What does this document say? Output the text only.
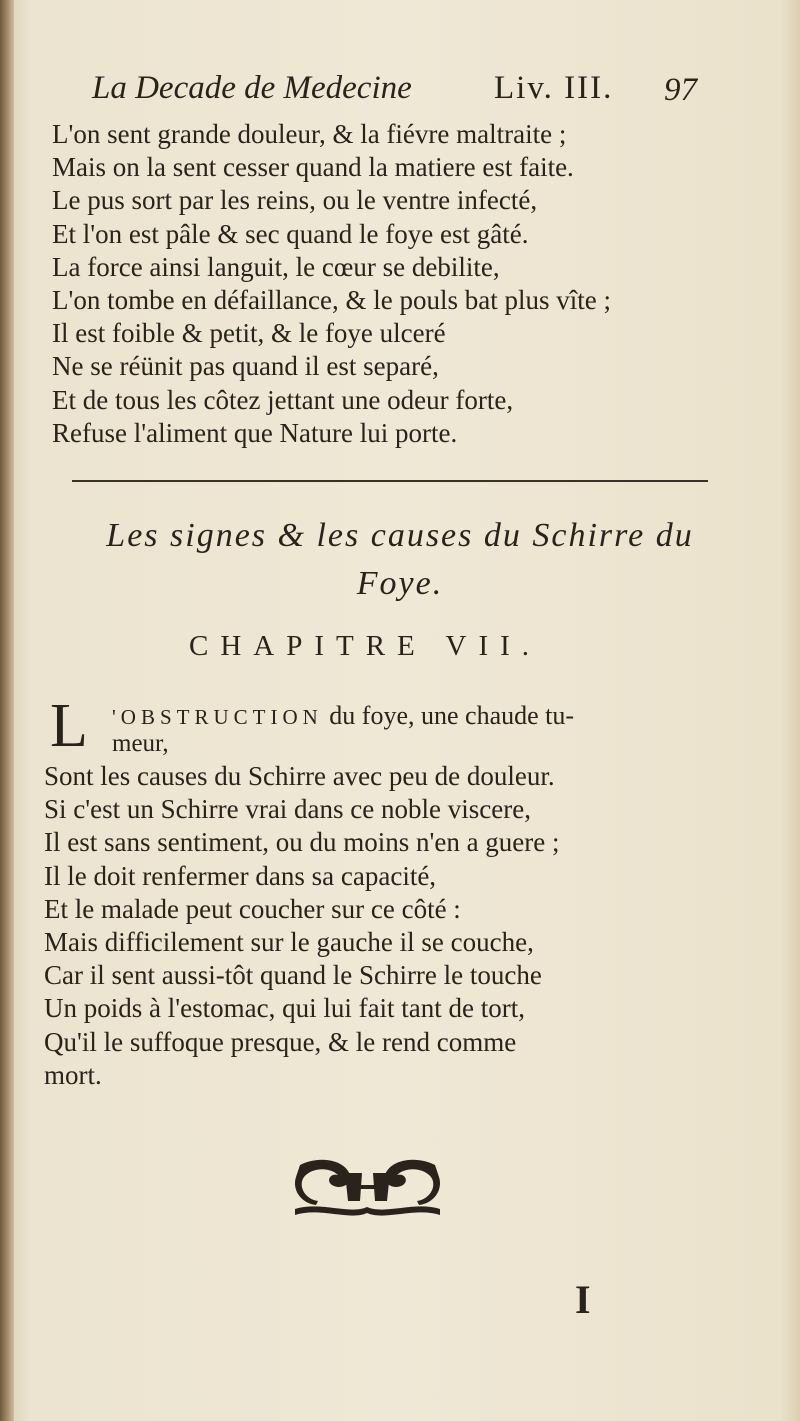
La Decade de Medecine Liv. III. 97
L'on sent grande douleur, & la fiévre maltraite ;
Mais on la sent cesser quand la matiere est faite.
Le pus sort par les reins, ou le ventre infecté,
Et l'on est pâle & sec quand le foye est gâté.
La force ainsi languit, le cœur se debilite,
L'on tombe en défaillance, & le pouls bat plus vîte ;
Il est foible & petit, & le foye ulceré
Ne se réünit pas quand il est separé,
Et de tous les côtez jettant une odeur forte,
Refuse l'aliment que Nature lui porte.
Les signes & les causes du Schirre du
Foye.
CHAPITRE VII.
L 'OBSTRUCTION du foye, une chaude tu-
meur,
Sont les causes du Schirre avec peu de douleur.
Si c'est un Schirre vrai dans ce noble viscere,
Il est sans sentiment, ou du moins n'en a guere ;
Il le doit renfermer dans sa capacité,
Et le malade peut coucher sur ce côté :
Mais difficilement sur le gauche il se couche,
Car il sent aussi-tôt quand le Schirre le touche
Un poids à l'estomac, qui lui fait tant de tort,
Qu'il le suffoque presque, & le rend comme
mort.
I
